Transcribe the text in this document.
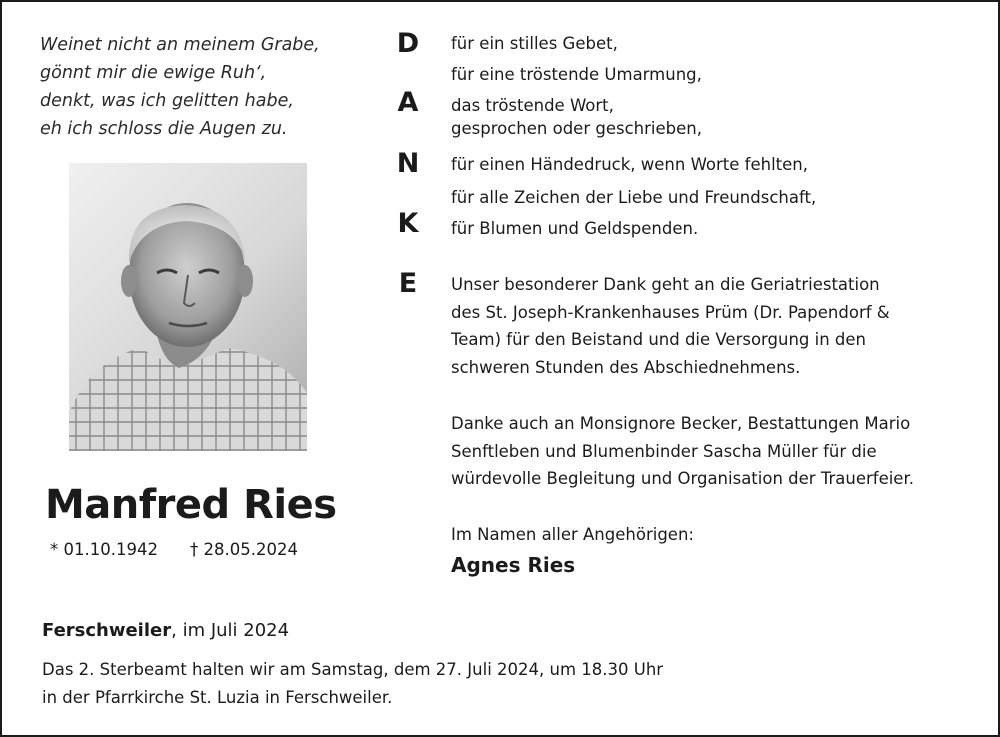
Weinet nicht an meinem Grabe,
gönnt mir die ewige Ruh‘,
denkt, was ich gelitten habe,
eh ich schloss die Augen zu.
Manfred Ries
* 01.10.1942 † 28.05.2024
Ferschweiler, im Juli 2024
Das 2. Sterbeamt halten wir am Samstag, dem 27. Juli 2024, um 18.30 Uhr
in der Pfarrkirche St. Luzia in Ferschweiler.
D
A
N
K
E
für ein stilles Gebet,
für eine tröstende Umarmung,
das tröstende Wort,
gesprochen oder geschrieben,
für einen Händedruck, wenn Worte fehlten,
für alle Zeichen der Liebe und Freundschaft,
für Blumen und Geldspenden.
Unser besonderer Dank geht an die Geriatriestation
des St. Joseph-Krankenhauses Prüm (Dr. Papendorf &
Team) für den Beistand und die Versorgung in den
schweren Stunden des Abschiednehmens.
Danke auch an Monsignore Becker, Bestattungen Mario
Senftleben und Blumenbinder Sascha Müller für die
würdevolle Begleitung und Organisation der Trauerfeier.
Im Namen aller Angehörigen:
Agnes Ries
